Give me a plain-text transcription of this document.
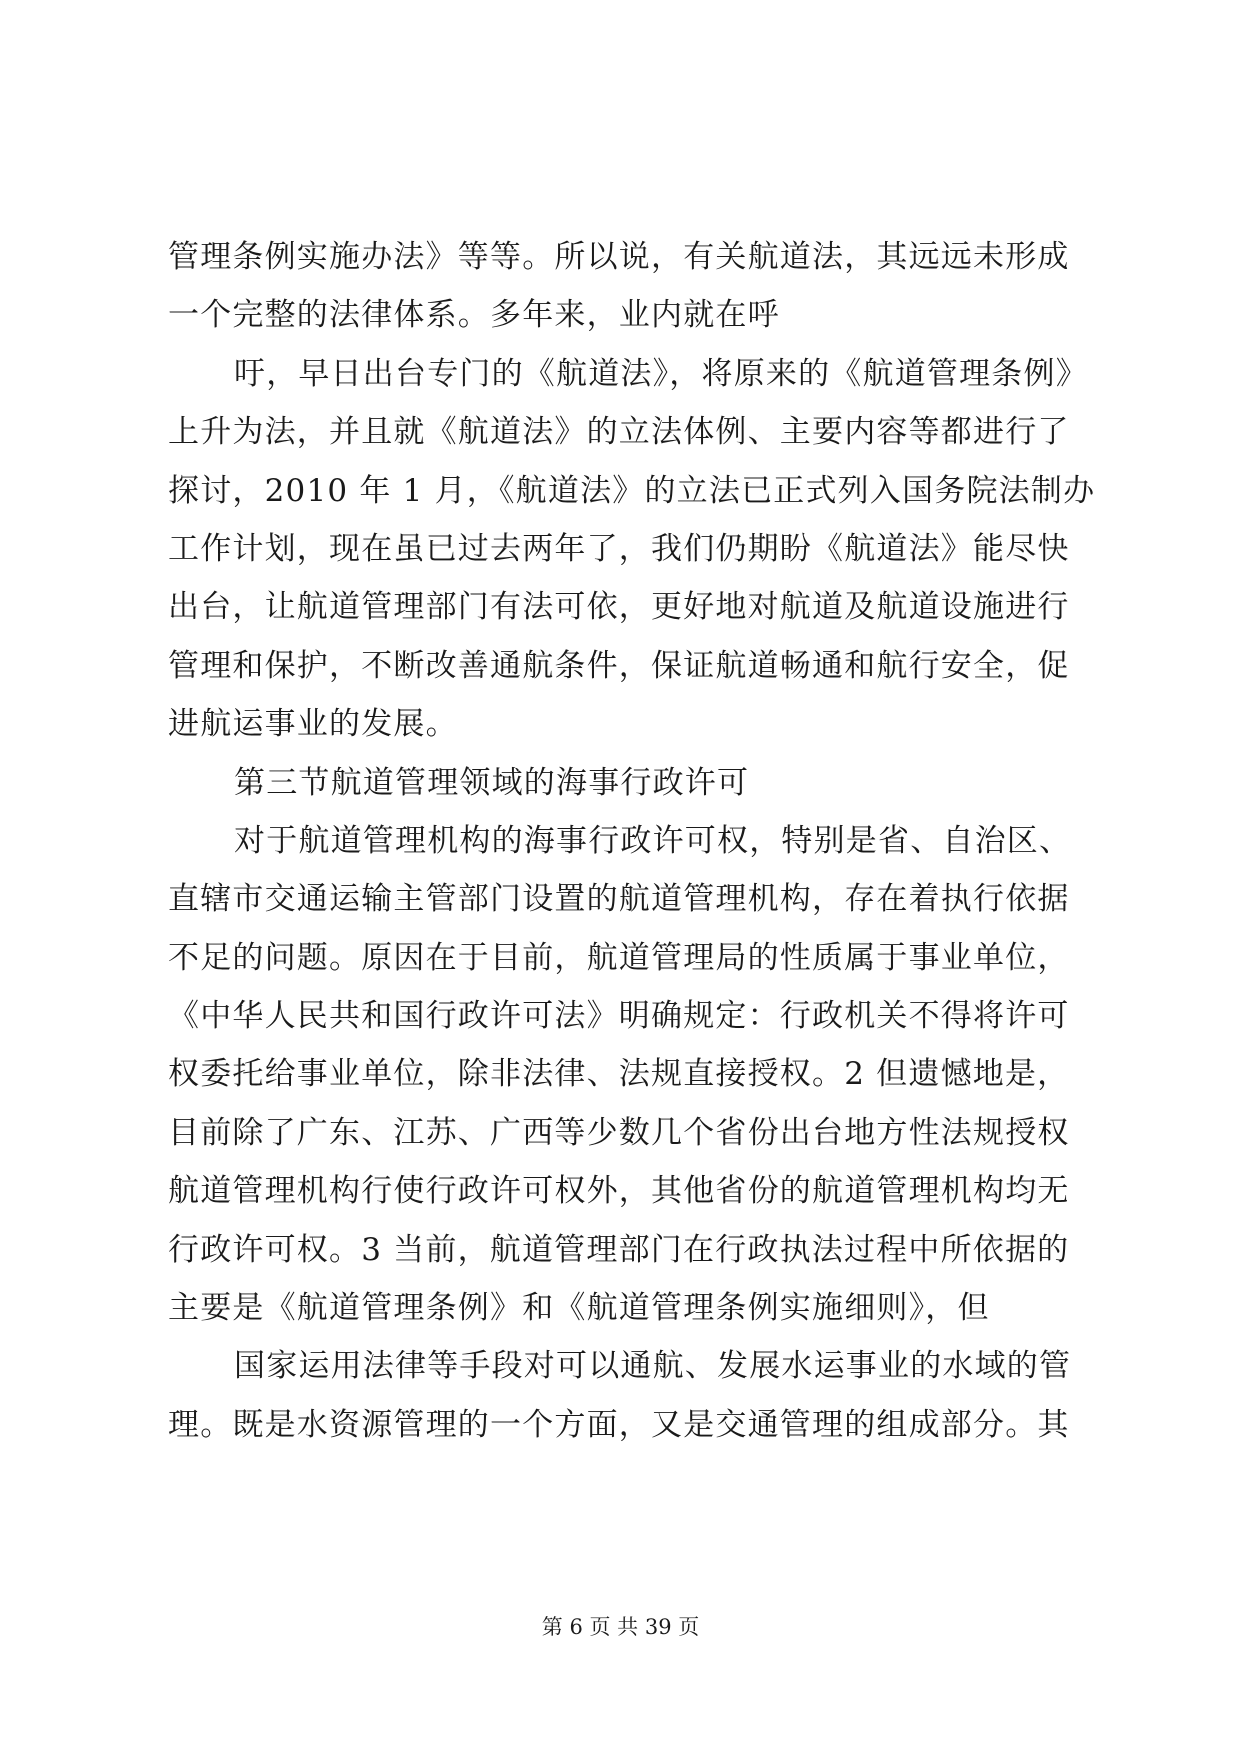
管理条例实施办法》等等。所以说，有关航道法，其远远未形成
一个完整的法律体系。多年来，业内就在呼
吁，早日出台专门的《航道法》，将原来的《航道管理条例》
上升为法，并且就《航道法》的立法体例、主要内容等都进行了
探讨，2010 年 1 月，《航道法》的立法已正式列入国务院法制办
工作计划，现在虽已过去两年了，我们仍期盼《航道法》能尽快
出台，让航道管理部门有法可依，更好地对航道及航道设施进行
管理和保护，不断改善通航条件，保证航道畅通和航行安全，促
进航运事业的发展。
第三节航道管理领域的海事行政许可
对于航道管理机构的海事行政许可权，特别是省、自治区、
直辖市交通运输主管部门设置的航道管理机构，存在着执行依据
不足的问题。原因在于目前，航道管理局的性质属于事业单位，
《中华人民共和国行政许可法》明确规定：行政机关不得将许可
权委托给事业单位，除非法律、法规直接授权。2 但遗憾地是，
目前除了广东、江苏、广西等少数几个省份出台地方性法规授权
航道管理机构行使行政许可权外，其他省份的航道管理机构均无
行政许可权。3 当前，航道管理部门在行政执法过程中所依据的
主要是《航道管理条例》和《航道管理条例实施细则》，但
国家运用法律等手段对可以通航、发展水运事业的水域的管
理。既是水资源管理的一个方面，又是交通管理的组成部分。其
第 6 页 共 39 页
